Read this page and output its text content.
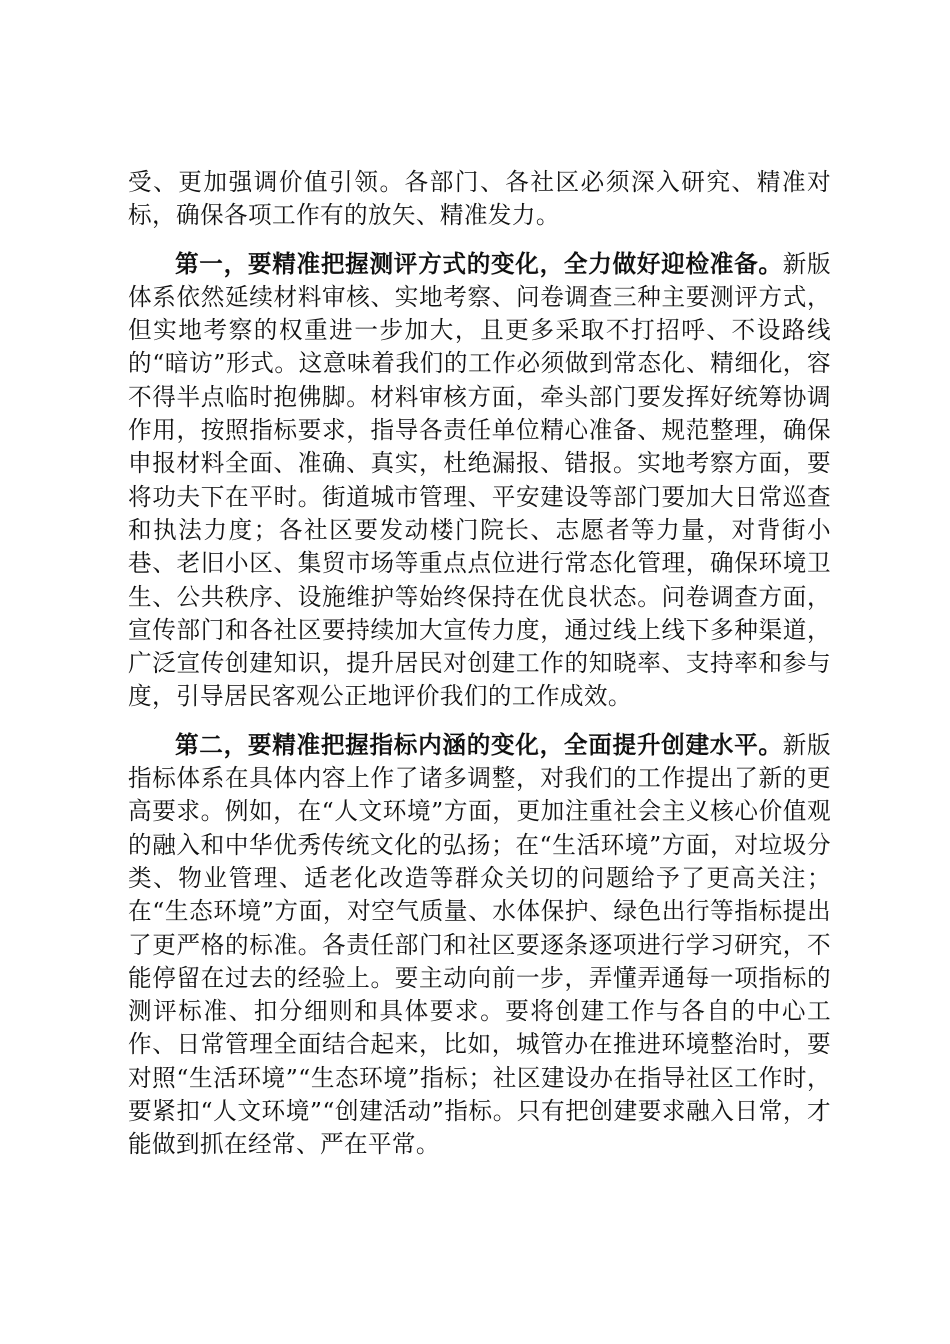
受、更加强调价值引领。各部门、各社区必须深入研究、精准对标，确保各项工作有的放矢、精准发力。

第一，要精准把握测评方式的变化，全力做好迎检准备。新版体系依然延续材料审核、实地考察、问卷调查三种主要测评方式，但实地考察的权重进一步加大，且更多采取不打招呼、不设路线的“暗访”形式。这意味着我们的工作必须做到常态化、精细化，容不得半点临时抱佛脚。材料审核方面，牵头部门要发挥好统筹协调作用，按照指标要求，指导各责任单位精心准备、规范整理，确保申报材料全面、准确、真实，杜绝漏报、错报。实地考察方面，要将功夫下在平时。街道城市管理、平安建设等部门要加大日常巡查和执法力度；各社区要发动楼门院长、志愿者等力量，对背街小巷、老旧小区、集贸市场等重点点位进行常态化管理，确保环境卫生、公共秩序、设施维护等始终保持在优良状态。问卷调查方面，宣传部门和各社区要持续加大宣传力度，通过线上线下多种渠道，广泛宣传创建知识，提升居民对创建工作的知晓率、支持率和参与度，引导居民客观公正地评价我们的工作成效。

第二，要精准把握指标内涵的变化，全面提升创建水平。新版指标体系在具体内容上作了诸多调整，对我们的工作提出了新的更高要求。例如，在“人文环境”方面，更加注重社会主义核心价值观的融入和中华优秀传统文化的弘扬；在“生活环境”方面，对垃圾分类、物业管理、适老化改造等群众关切的问题给予了更高关注；在“生态环境”方面，对空气质量、水体保护、绿色出行等指标提出了更严格的标准。各责任部门和社区要逐条逐项进行学习研究，不能停留在过去的经验上。要主动向前一步，弄懂弄通每一项指标的测评标准、扣分细则和具体要求。要将创建工作与各自的中心工作、日常管理全面结合起来，比如，城管办在推进环境整治时，要对照“生活环境”“生态环境”指标；社区建设办在指导社区工作时，要紧扣“人文环境”“创建活动”指标。只有把创建要求融入日常，才能做到抓在经常、严在平常。
